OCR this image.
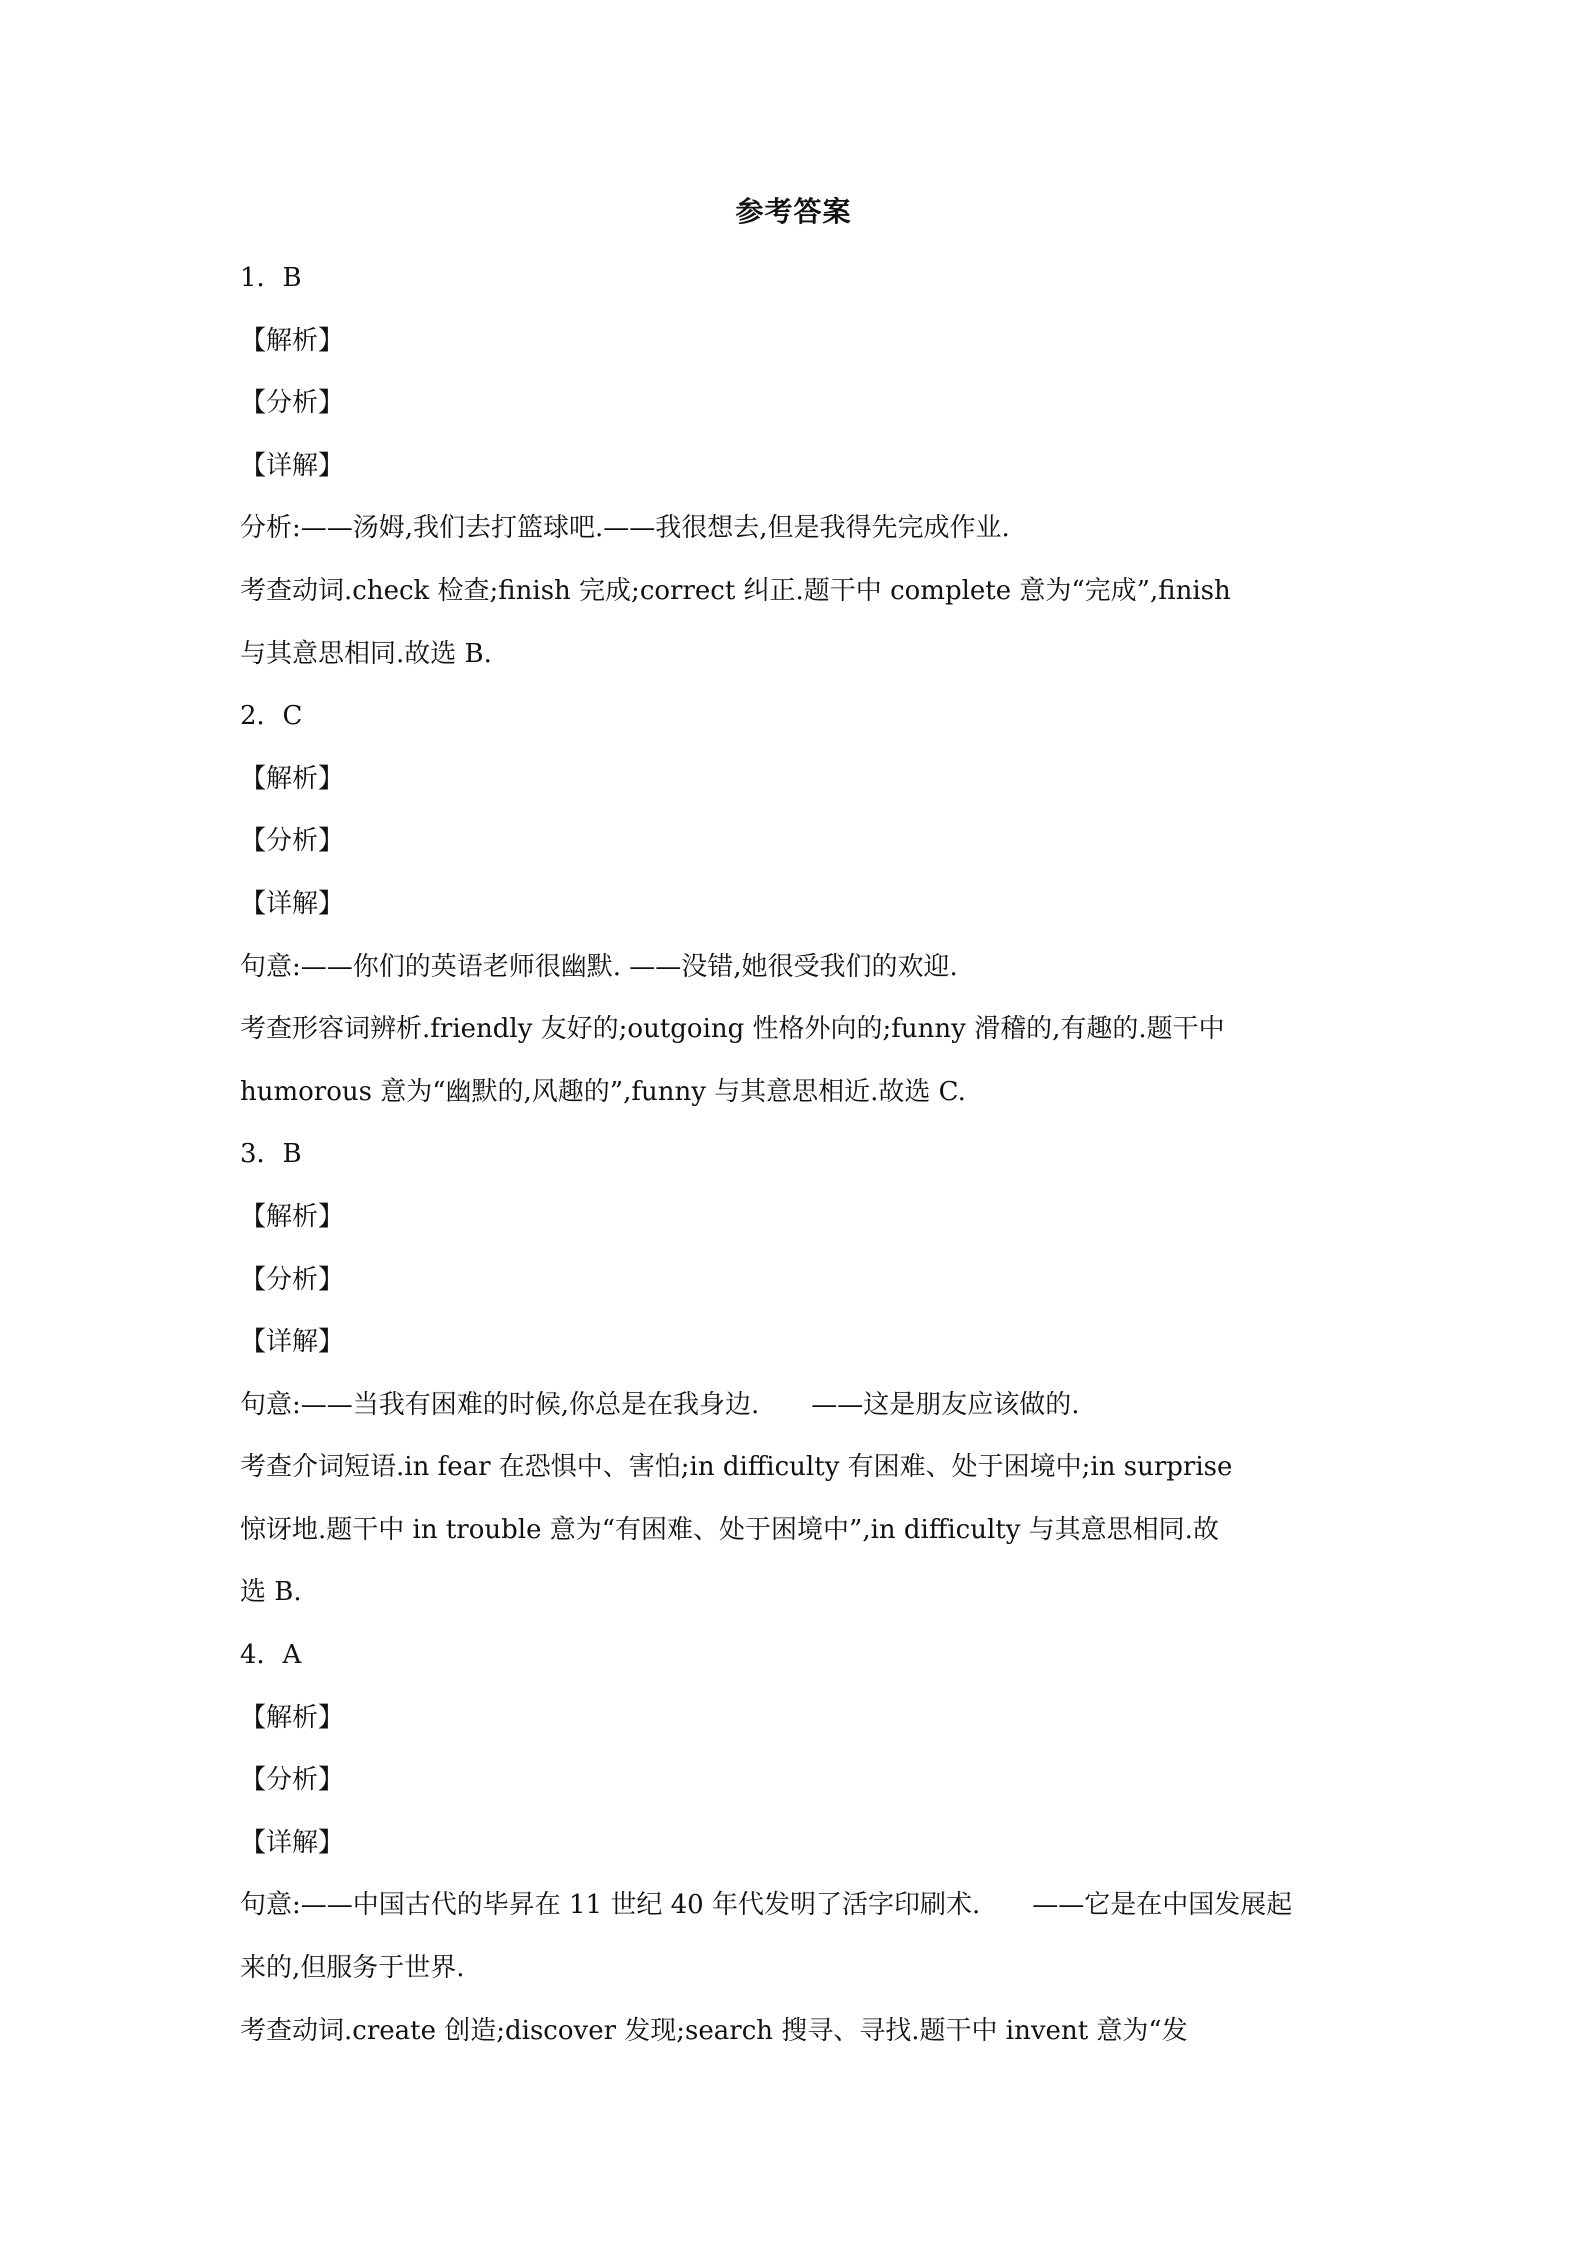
参考答案
1．B
【解析】
【分析】
【详解】
分析:——汤姆,我们去打篮球吧.——我很想去,但是我得先完成作业.
考查动词.check 检查;finish 完成;correct 纠正.题干中 complete 意为“完成”,finish
与其意思相同.故选 B.
2．C
【解析】
【分析】
【详解】
句意:——你们的英语老师很幽默. ——没错,她很受我们的欢迎.
考查形容词辨析.friendly 友好的;outgoing 性格外向的;funny 滑稽的,有趣的.题干中
humorous 意为“幽默的,风趣的”,funny 与其意思相近.故选 C.
3．B
【解析】
【分析】
【详解】
句意:——当我有困难的时候,你总是在我身边.　　——这是朋友应该做的.
考查介词短语.in fear 在恐惧中、害怕;in difficulty 有困难、处于困境中;in surprise
惊讶地.题干中 in trouble 意为“有困难、处于困境中”,in difficulty 与其意思相同.故
选 B.
4．A
【解析】
【分析】
【详解】
句意:——中国古代的毕昇在 11 世纪 40 年代发明了活字印刷术.　　——它是在中国发展起
来的,但服务于世界.
考查动词.create 创造;discover 发现;search 搜寻、寻找.题干中 invent 意为“发
